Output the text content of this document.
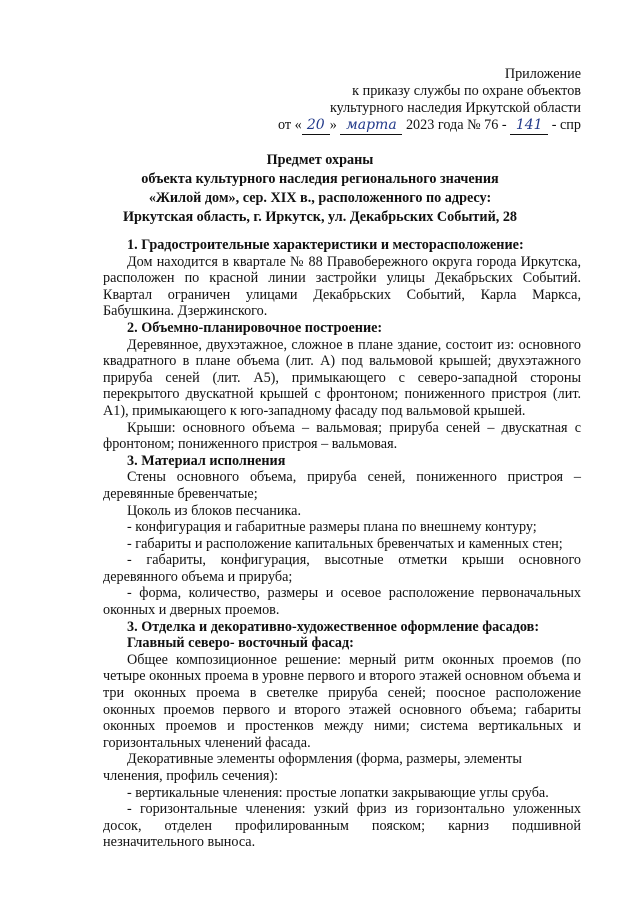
Приложение
к приказу службы по охране объектов
культурного наследия Иркутской области
от « 20 » марта 2023 года № 76 - 141 - спр
Предмет охраны
объекта культурного наследия регионального значения
«Жилой дом», сер. XIX в., расположенного по адресу:
Иркутская область, г. Иркутск, ул. Декабрьских Событий, 28

1. Градостроительные характеристики и месторасположение:

Дом находится в квартале № 88 Правобережного округа города Иркутска, расположен по красной линии застройки улицы Декабрьских Событий. Квартал ограничен улицами Декабрьских Событий, Карла Маркса, Бабушкина. Дзержинского.

2. Объемно-планировочное построение:

Деревянное, двухэтажное, сложное в плане здание, состоит из: основного квадратного в плане объема (лит. А) под вальмовой крышей; двухэтажного прируба сеней (лит. А5), примыкающего с северо-западной стороны перекрытого двускатной крышей с фронтоном; пониженного пристроя (лит. А1), примыкающего к юго-западному фасаду под вальмовой крышей.

Крыши: основного объема – вальмовая; прируба сеней – двускатная с фронтоном; пониженного пристроя – вальмовая.

3. Материал исполнения

Стены основного объема, прируба сеней, пониженного пристроя – деревянные бревенчатые;

Цоколь из блоков песчаника.

- конфигурация и габаритные размеры плана по внешнему контуру;

- габариты и расположение капитальных бревенчатых и каменных стен;

- габариты, конфигурация, высотные отметки крыши основного деревянного объема и прируба;

- форма, количество, размеры и осевое расположение первоначальных оконных и дверных проемов.

3. Отделка и декоративно-художественное оформление фасадов:

Главный северо- восточный фасад:

Общее композиционное решение: мерный ритм оконных проемов (по четыре оконных проема в уровне первого и второго этажей основном объема и три оконных проема в светелке прируба сеней; поосное расположение оконных проемов первого и второго этажей основного объема; габариты оконных проемов и простенков между ними; система вертикальных и горизонтальных членений фасада.

Декоративные элементы оформления (форма, размеры, элементы членения, профиль сечения):

- вертикальные членения: простые лопатки закрывающие углы сруба.

- горизонтальные членения: узкий фриз из горизонтально уложенных досок, отделен профилированным пояском; карниз подшивной незначительного выноса.
